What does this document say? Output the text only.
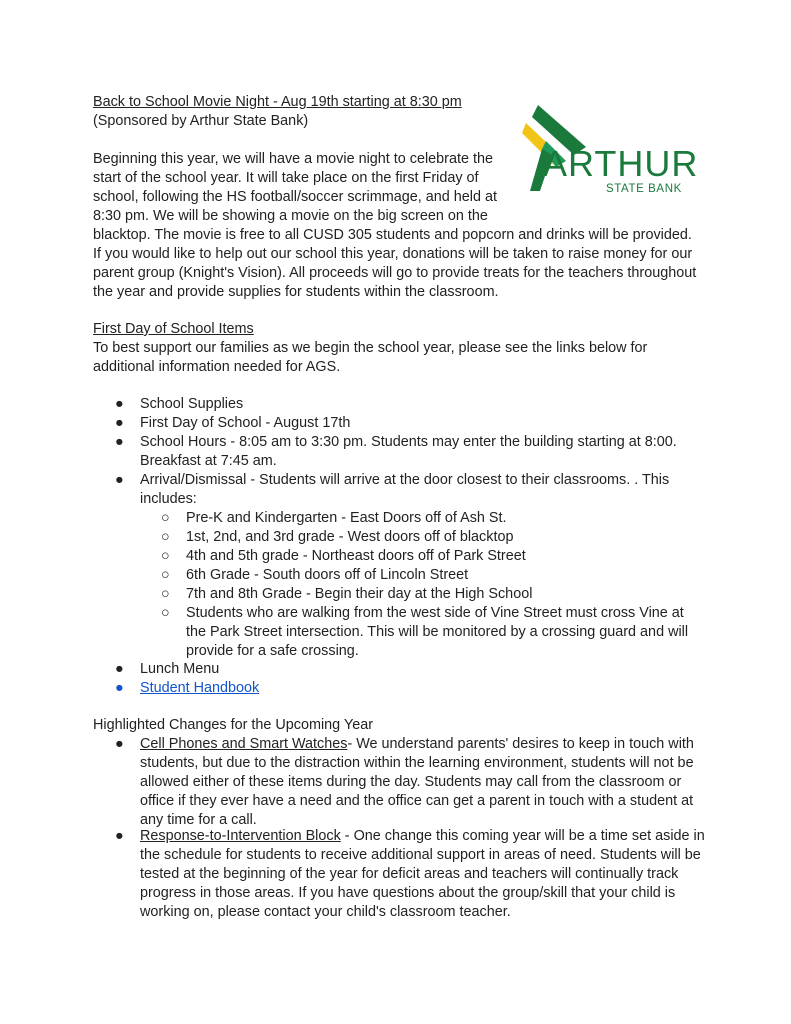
ARTHUR
STATE BANK
Back to School Movie Night - Aug 19th starting at 8:30 pm
(Sponsored by Arthur State Bank)
Beginning this year, we will have a movie night to celebrate the
start of the school year. It will take place on the first Friday of
school, following the HS football/soccer scrimmage, and held at
8:30 pm. We will be showing a movie on the big screen on the
blacktop. The movie is free to all CUSD 305 students and popcorn and drinks will be provided.
If you would like to help out our school this year, donations will be taken to raise money for our
parent group (Knight's Vision). All proceeds will go to provide treats for the teachers throughout
the year and provide supplies for students within the classroom.
First Day of School Items
To best support our families as we begin the school year, please see the links below for
additional information needed for AGS.
● School Supplies
● First Day of School - August 17th
● School Hours - 8:05 am to 3:30 pm. Students may enter the building starting at 8:00.
Breakfast at 7:45 am.
● Arrival/Dismissal - Students will arrive at the door closest to their classrooms. . This
includes:
○ Pre-K and Kindergarten - East Doors off of Ash St.
○ 1st, 2nd, and 3rd grade - West doors off of blacktop
○ 4th and 5th grade - Northeast doors off of Park Street
○ 6th Grade - South doors off of Lincoln Street
○ 7th and 8th Grade - Begin their day at the High School
○ Students who are walking from the west side of Vine Street must cross Vine at
the Park Street intersection. This will be monitored by a crossing guard and will
provide for a safe crossing.
● Lunch Menu
● Student Handbook
Highlighted Changes for the Upcoming Year
● Cell Phones and Smart Watches- We understand parents' desires to keep in touch with
students, but due to the distraction within the learning environment, students will not be
allowed either of these items during the day. Students may call from the classroom or
office if they ever have a need and the office can get a parent in touch with a student at
any time for a call.
● Response-to-Intervention Block - One change this coming year will be a time set aside in
the schedule for students to receive additional support in areas of need. Students will be
tested at the beginning of the year for deficit areas and teachers will continually track
progress in those areas. If you have questions about the group/skill that your child is
working on, please contact your child's classroom teacher.
